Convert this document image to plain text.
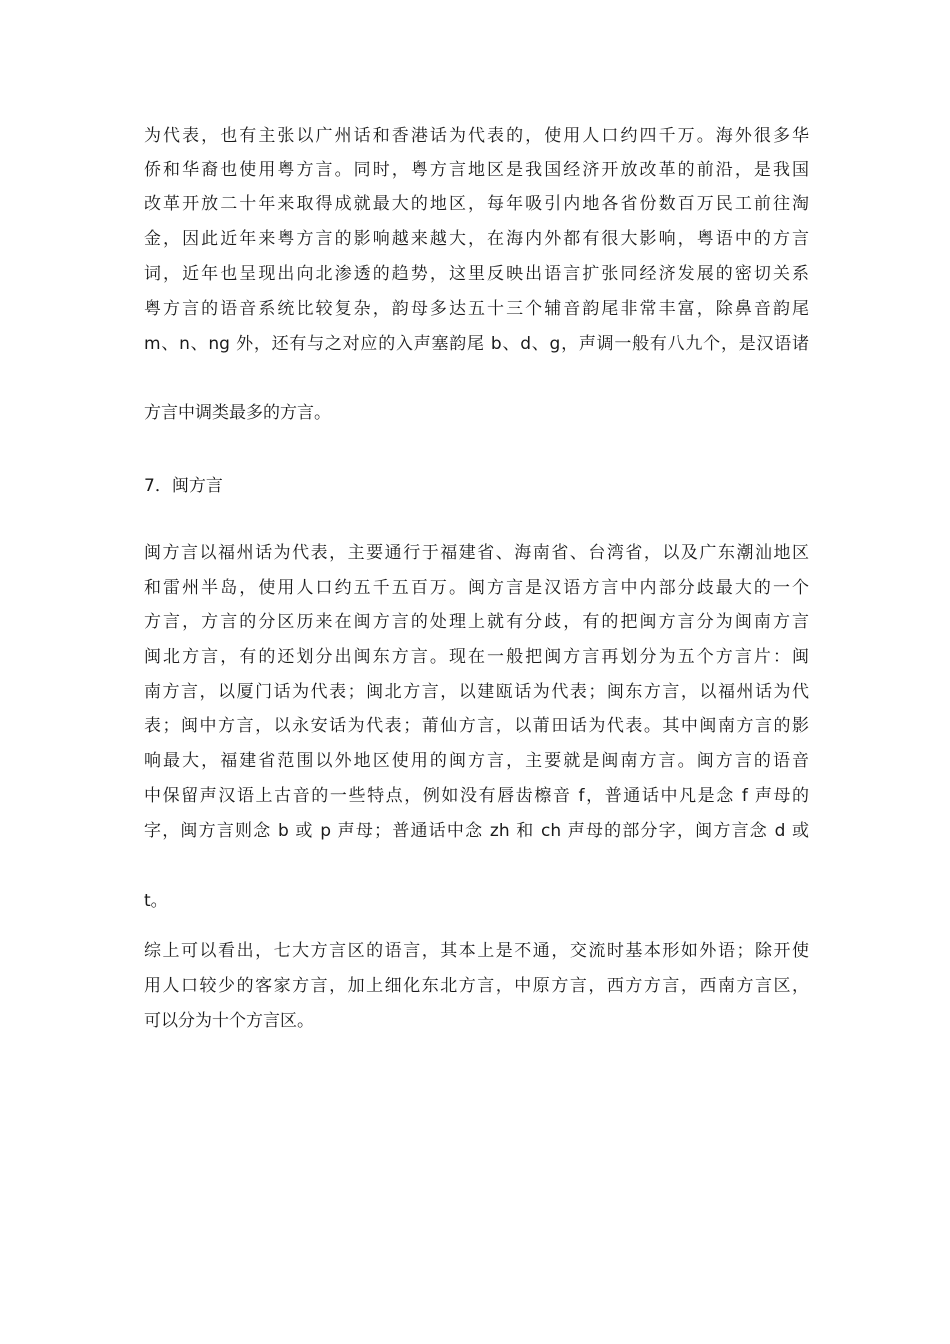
为代表，也有主张以广州话和香港话为代表的，使用人口约四千万。海外很多华
侨和华裔也使用粤方言。同时，粤方言地区是我国经济开放改革的前沿，是我国
改革开放二十年来取得成就最大的地区，每年吸引内地各省份数百万民工前往淘
金，因此近年来粤方言的影响越来越大，在海内外都有很大影响，粤语中的方言
词，近年也呈现出向北渗透的趋势，这里反映出语言扩张同经济发展的密切关系
粤方言的语音系统比较复杂，韵母多达五十三个辅音韵尾非常丰富，除鼻音韵尾
m、n、ng 外，还有与之对应的入声塞韵尾 b、d、g，声调一般有八九个，是汉语诸
方言中调类最多的方言。
7．闽方言
闽方言以福州话为代表，主要通行于福建省、海南省、台湾省，以及广东潮汕地区
和雷州半岛，使用人口约五千五百万。闽方言是汉语方言中内部分歧最大的一个
方言，方言的分区历来在闽方言的处理上就有分歧，有的把闽方言分为闽南方言
闽北方言，有的还划分出闽东方言。现在一般把闽方言再划分为五个方言片：闽
南方言，以厦门话为代表；闽北方言，以建瓯话为代表；闽东方言，以福州话为代
表；闽中方言，以永安话为代表；莆仙方言，以莆田话为代表。其中闽南方言的影
响最大，福建省范围以外地区使用的闽方言，主要就是闽南方言。闽方言的语音
中保留声汉语上古音的一些特点，例如没有唇齿檫音 f，普通话中凡是念 f 声母的
字，闽方言则念 b 或 p 声母；普通话中念 zh 和 ch 声母的部分字，闽方言念 d 或
t。
综上可以看出，七大方言区的语言，其本上是不通，交流时基本形如外语；除开使
用人口较少的客家方言，加上细化东北方言，中原方言，西方方言，西南方言区，
可以分为十个方言区。
